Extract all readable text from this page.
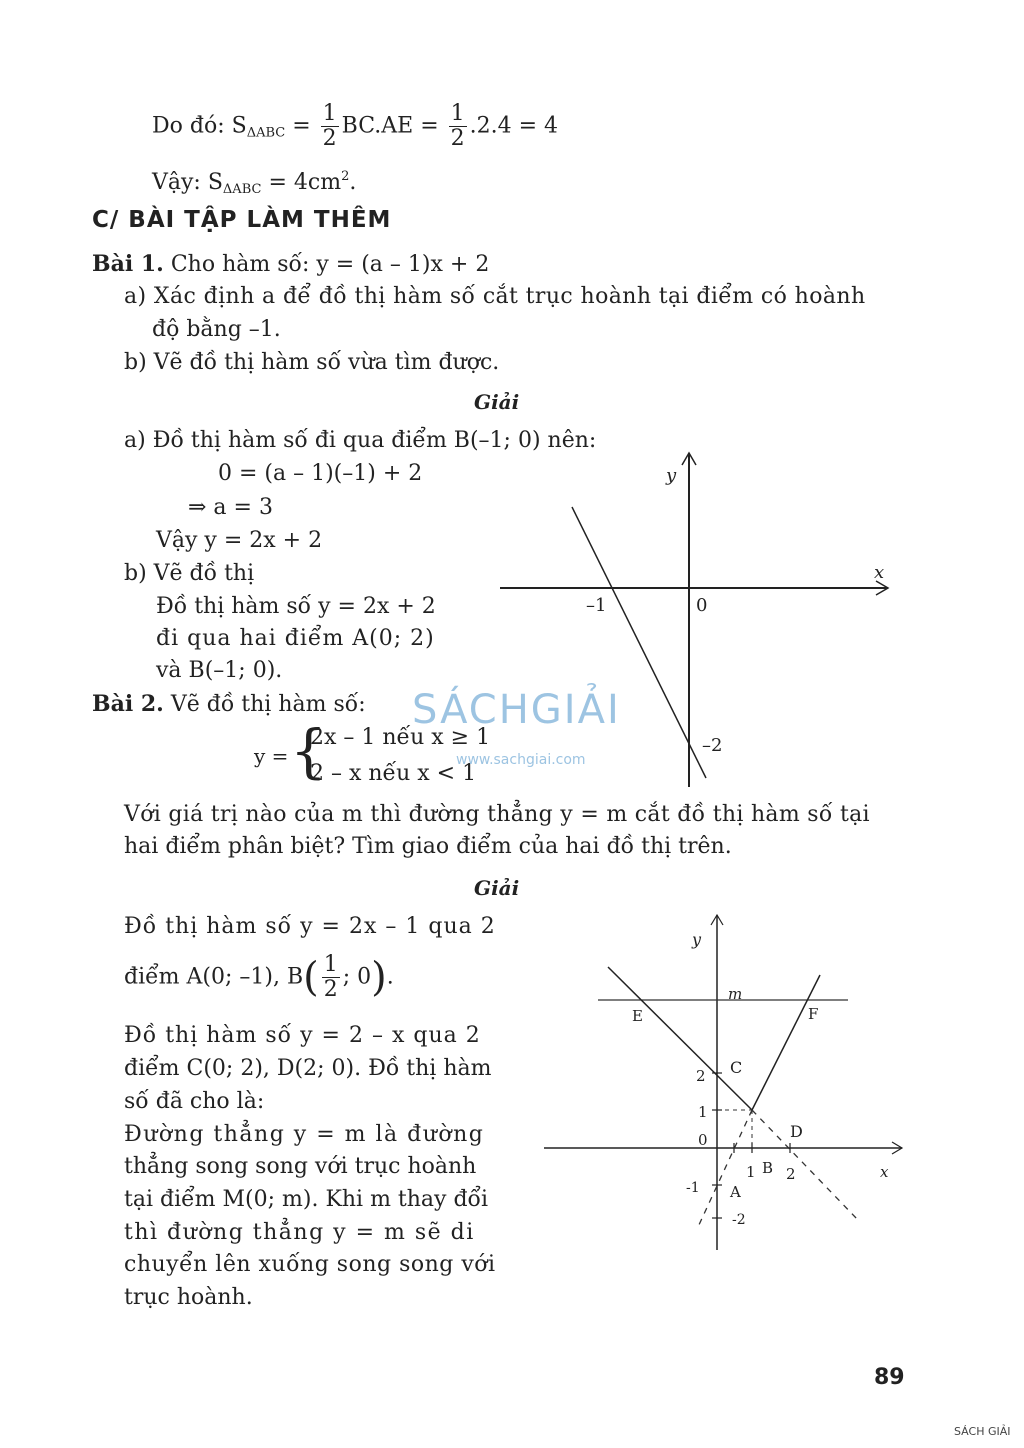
Do đó: $S_{\Delta ABC} = \frac{1}{2} BC.AE = \frac{1}{2} .2.4 = 4$
Vậy: $S_{\Delta ABC} = 4cm^2$.
C/ BÀI TẬP LÀM THÊM
Bài 1. Cho hàm số: y = (a – 1)x + 2
a) Xác định a để đồ thị hàm số cắt trục hoành tại điểm có hoành
độ bằng –1.
b) Vẽ đồ thị hàm số vừa tìm được.
Giải
a) Đồ thị hàm số đi qua điểm B(–1; 0) nên:
0 = (a – 1)(–1) + 2
⇒ a = 3
Vậy y = 2x + 2
b) Vẽ đồ thị
Đồ thị hàm số y = 2x + 2
đi qua hai điểm A(0; 2)
và B(–1; 0).
y
x
–1	0
–2
Bài 2. Vẽ đồ thị hàm số:
y = {
2x – 1 nếu x ≥ 1
2 – x nếu x < 1
Với giá trị nào của m thì đường thẳng y = m cắt đồ thị hàm số tại
hai điểm phân biệt? Tìm giao điểm của hai đồ thị trên.
Giải
Đồ thị hàm số y = 2x – 1 qua 2
điểm A(0; –1), $B( \frac{1}{2}$ ; 0).
Đồ thị hàm số y = 2 – x qua 2
điểm C(0; 2), D(2; 0). Đồ thị hàm
số đã cho là:
Đường thẳng y = m là đường
thẳng song song với trục hoành
tại điểm M(0; m). Khi m thay đổi
thì đường thẳng y = m sẽ di
chuyển lên xuống song song với
trục hoành.
y
x
m
E	F
C
2
1
0	D
B
1 2
-1 A
-2
SÁCHGIẢI
www.sachgiai.com
89
SÁCH GIẢI
